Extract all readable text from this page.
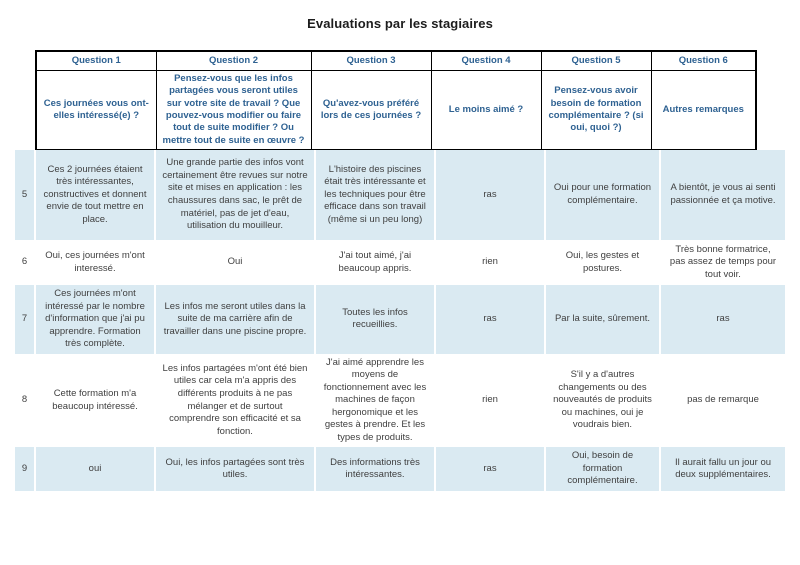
Evaluations par les stagiaires
Question 1	Question 2	Question 3	Question 4	Question 5	Question 6
Ces journées vous ont-elles intéressé(e) ?	Pensez-vous que les infos partagées vous seront utiles sur votre site de travail ? Que pouvez-vous modifier ou faire tout de suite modifier ? Ou mettre tout de suite en œuvre ?	Qu'avez-vous préféré lors de ces journées ?	Le moins aimé ?	Pensez-vous avoir besoin de formation complémentaire ? (si oui, quoi ?)	Autres remarques
5	Ces 2 journées étaient très intéressantes, constructives et donnent envie de tout mettre en place.	Une grande partie des infos vont certainement être revues sur notre site et mises en application : les chaussures dans sac, le prêt de matériel, pas de jet d'eau, utilisation du mouilleur.	L'histoire des piscines était très intéressante et les techniques pour être efficace dans son travail (même si un peu long)	ras	Oui pour une formation complémentaire.	A bientôt, je vous ai senti passionnée et ça motive.
6	Oui, ces journées m'ont interessé.	Oui	J'ai tout aimé, j'ai beaucoup appris.	rien	Oui, les gestes et postures.	Très bonne formatrice, pas assez de temps pour tout voir.
7	Ces journées m'ont intéressé par le nombre d'information que j'ai pu apprendre. Formation très complète.	Les infos me seront utiles dans la suite de ma carrière afin de travailler dans une piscine propre.	Toutes les infos recueillies.	ras	Par la suite, sûrement.	ras
8	Cette formation m'a beaucoup intéressé.	Les infos partagées m'ont été bien utiles car cela m'a appris des différents produits à ne pas mélanger et de surtout comprendre son efficacité et sa fonction.	J'ai aimé apprendre les moyens de fonctionnement avec les machines de façon hergonomique et les gestes à prendre. Et les types de produits.	rien	S'il y a d'autres changements ou des nouveautés de produits ou machines, oui je voudrais bien.	pas de remarque
9	oui	Oui, les infos partagées sont très utiles.	Des informations très intéressantes.	ras	Oui, besoin de formation complémentaire.	Il aurait fallu un jour ou deux supplémentaires.
